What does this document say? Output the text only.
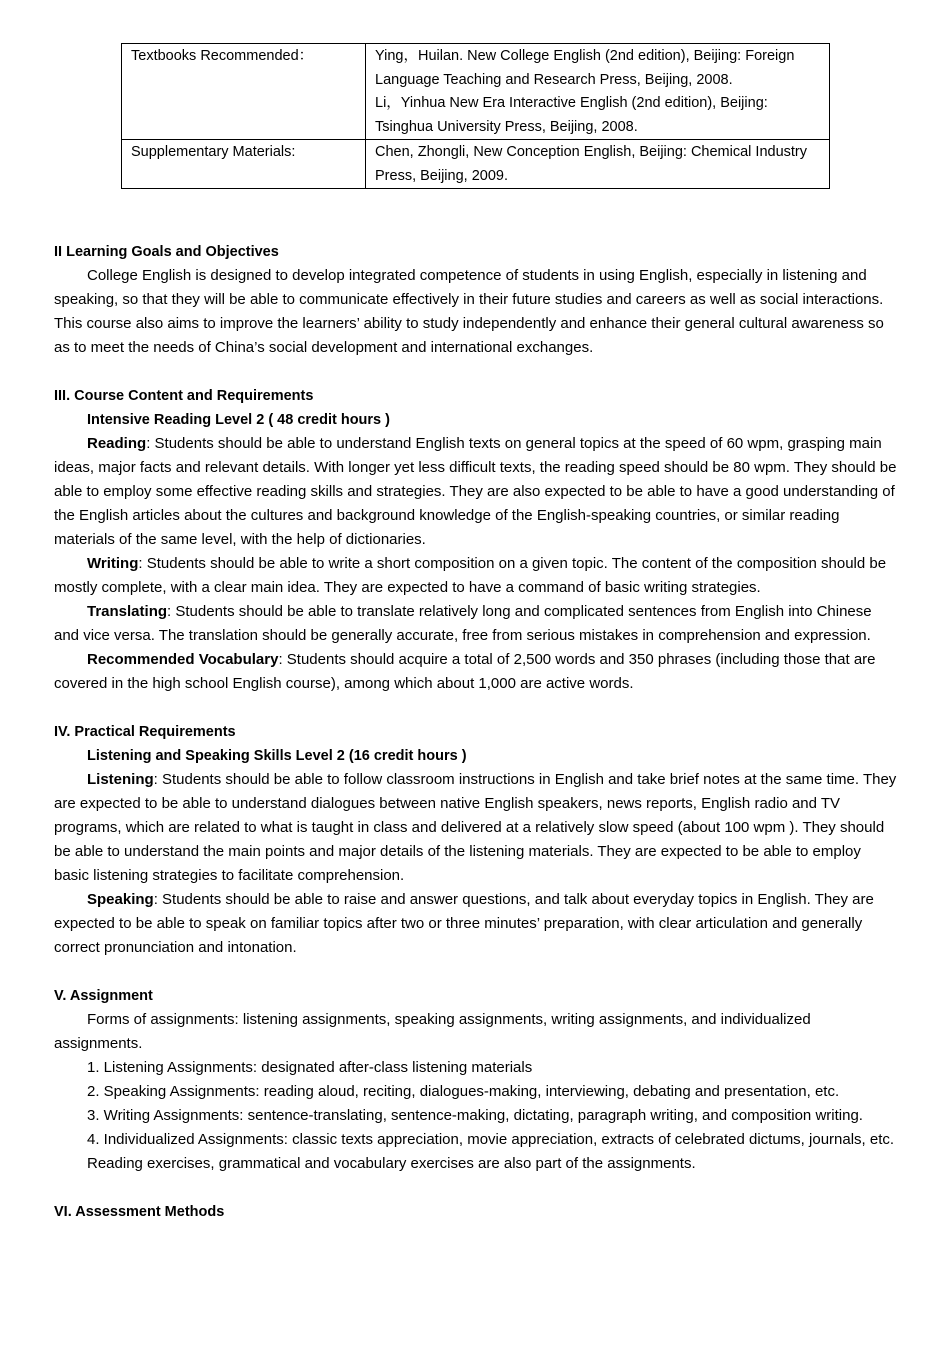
Textbooks Recommended：	Ying，Huilan. New College English (2nd edition), Beijing: Foreign Language Teaching and Research Press, Beijing, 2008.
Li，Yinhua New Era Interactive English (2nd edition), Beijing: Tsinghua University Press, Beijing, 2008.

Supplementary Materials:	Chen, Zhongli, New Conception English, Beijing: Chemical Industry Press, Beijing, 2009.
II Learning Goals and Objectives

College English is designed to develop integrated competence of students in using English, especially in listening and speaking, so that they will be able to communicate effectively in their future studies and careers as well as social interactions. This course also aims to improve the learners’ ability to study independently and enhance their general cultural awareness so as to meet the needs of China’s social development and international exchanges.

III. Course Content and Requirements
Intensive Reading Level 2 ( 48 credit hours )

Reading: Students should be able to understand English texts on general topics at the speed of 60 wpm, grasping main ideas, major facts and relevant details. With longer yet less difficult texts, the reading speed should be 80 wpm. They should be able to employ some effective reading skills and strategies. They are also expected to be able to have a good understanding of the English articles about the cultures and background knowledge of the English-speaking countries, or similar reading materials of the same level, with the help of dictionaries.

Writing: Students should be able to write a short composition on a given topic. The content of the composition should be mostly complete, with a clear main idea. They are expected to have a command of basic writing strategies.

Translating: Students should be able to translate relatively long and complicated sentences from English into Chinese and vice versa. The translation should be generally accurate, free from serious mistakes in comprehension and expression.

Recommended Vocabulary: Students should acquire a total of 2,500 words and 350 phrases (including those that are covered in the high school English course), among which about 1,000 are active words.

IV. Practical Requirements
Listening and Speaking Skills Level 2 (16 credit hours )

Listening: Students should be able to follow classroom instructions in English and take brief notes at the same time. They are expected to be able to understand dialogues between native English speakers, news reports, English radio and TV programs, which are related to what is taught in class and delivered at a relatively slow speed (about 100 wpm ). They should be able to understand the main points and major details of the listening materials. They are expected to be able to employ basic listening strategies to facilitate comprehension.

Speaking: Students should be able to raise and answer questions, and talk about everyday topics in English. They are expected to be able to speak on familiar topics after two or three minutes’ preparation, with clear articulation and generally correct pronunciation and intonation.

V. Assignment

Forms of assignments: listening assignments, speaking assignments, writing assignments, and individualized assignments.

1. Listening Assignments: designated after-class listening materials

2. Speaking Assignments: reading aloud, reciting, dialogues-making, interviewing, debating and presentation, etc.

3. Writing Assignments: sentence-translating, sentence-making, dictating, paragraph writing, and composition writing.

4. Individualized Assignments: classic texts appreciation, movie appreciation, extracts of celebrated dictums, journals, etc.

Reading exercises, grammatical and vocabulary exercises are also part of the assignments.

VI. Assessment Methods
